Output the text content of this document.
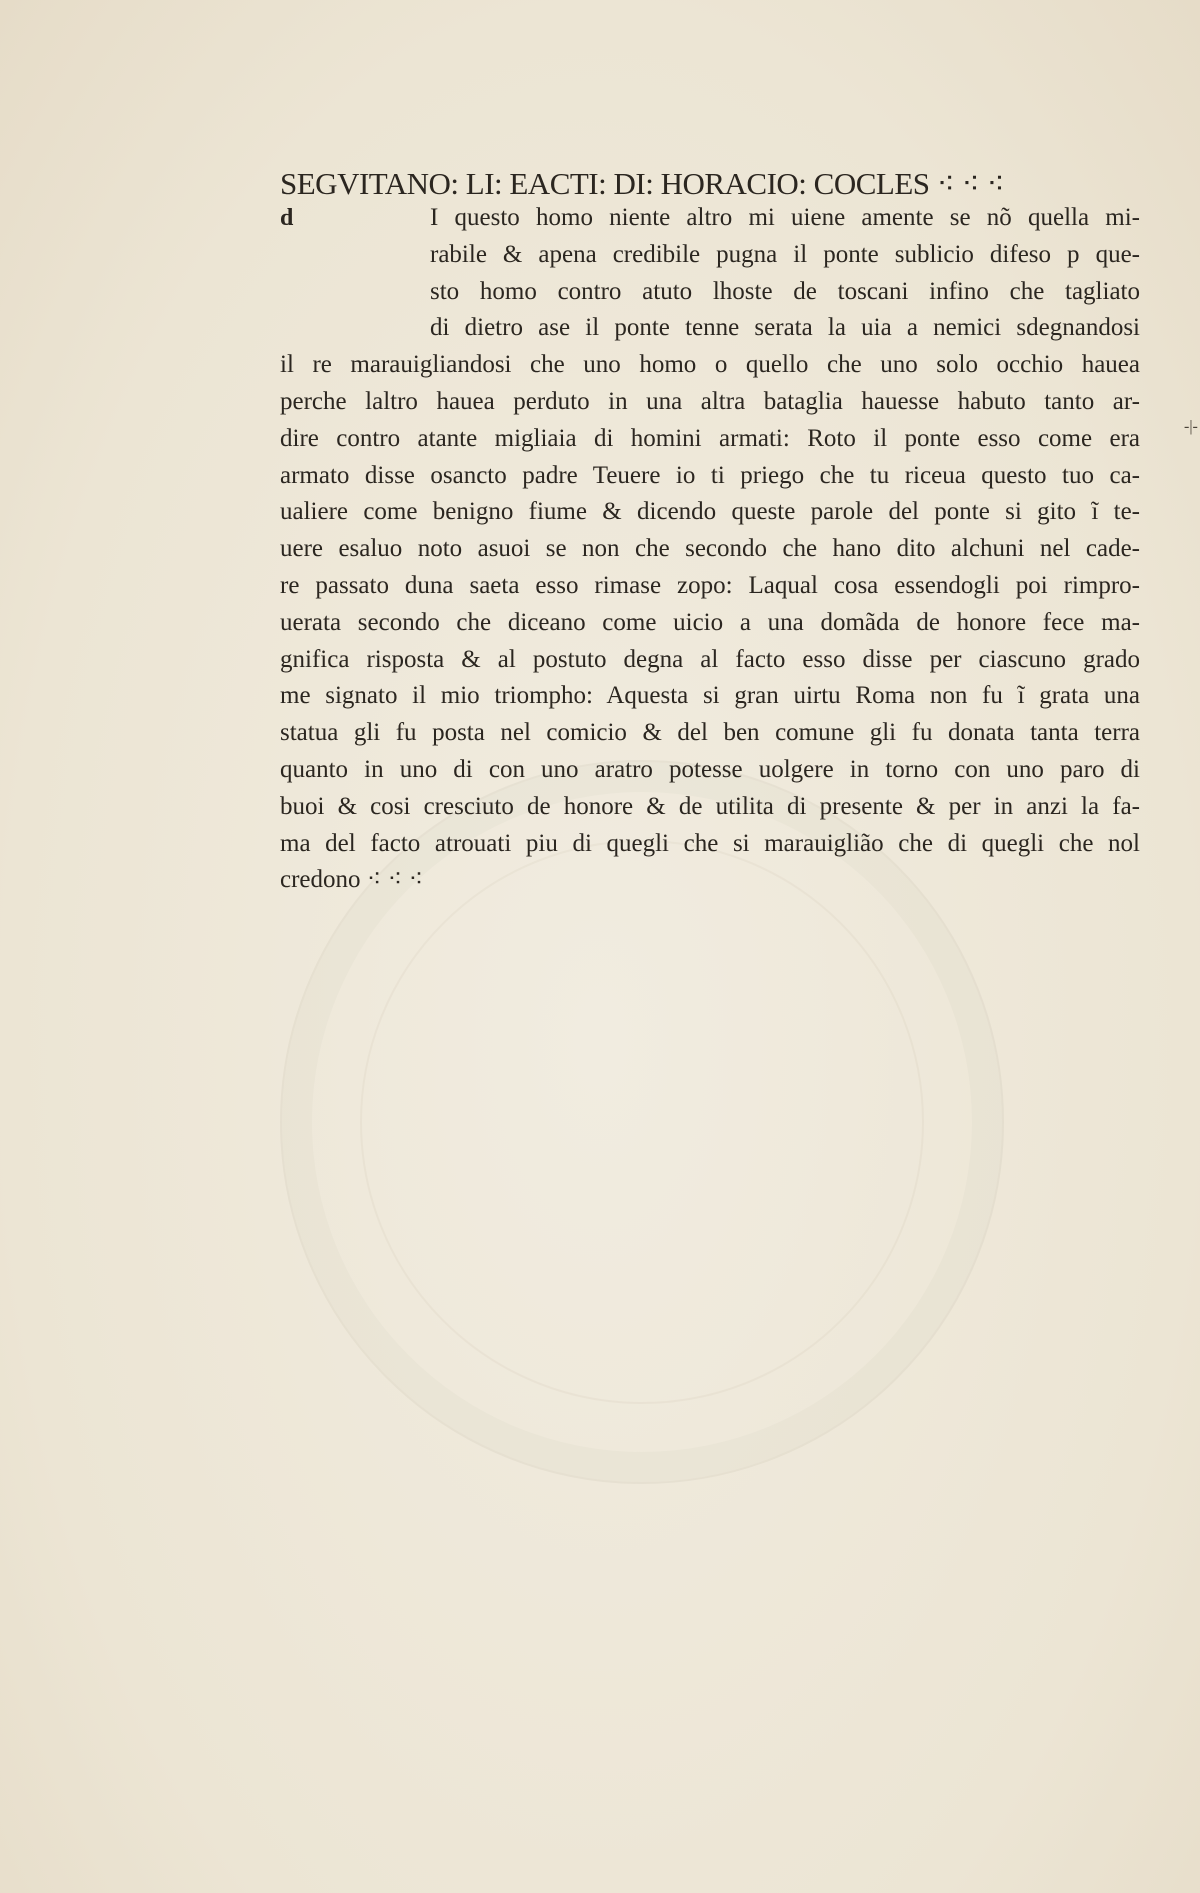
SEGVITANO: LI: EACTI: DI: HORACIO: COCLES ⁖ ⁖ ⁖
d	I questo homo niente altro mi uiene amente se nõ quella mi-
rabile & apena credibile pugna il ponte sublicio difeso p que-
sto homo contro atuto lhoste de toscani infino che tagliato
di dietro ase il ponte tenne serata la uia a nemici sdegnandosi
il re marauigliandosi che uno homo o quello che uno solo occhio hauea
perche laltro hauea perduto in una altra bataglia hauesse habuto tanto ar-
dire contro atante migliaia di homini armati: Roto il ponte esso come era
armato disse osancto padre Teuere io ti priego che tu riceua questo tuo ca-
ualiere come benigno fiume & dicendo queste parole del ponte si gito ĩ te-
uere esaluo noto asuoi se non che secondo che hano dito alchuni nel cade-
re passato duna saeta esso rimase zopo: Laqual cosa essendogli poi rimpro-
uerata secondo che diceano come uicio a una domãda de honore fece ma-
gnifica risposta & al postuto degna al facto esso disse per ciascuno grado
me signato il mio triompho: Aquesta si gran uirtu Roma non fu ĩ grata una
statua gli fu posta nel comicio & del ben comune gli fu donata tanta terra
quanto in uno di con uno aratro potesse uolgere in torno con uno paro di
buoi & cosi cresciuto de honore & de utilita di presente & per in anzi la fa-
ma del facto atrouati piu di quegli che si marauiglião che di quegli che nol
credono ⁖ ⁖ ⁖
-|-
